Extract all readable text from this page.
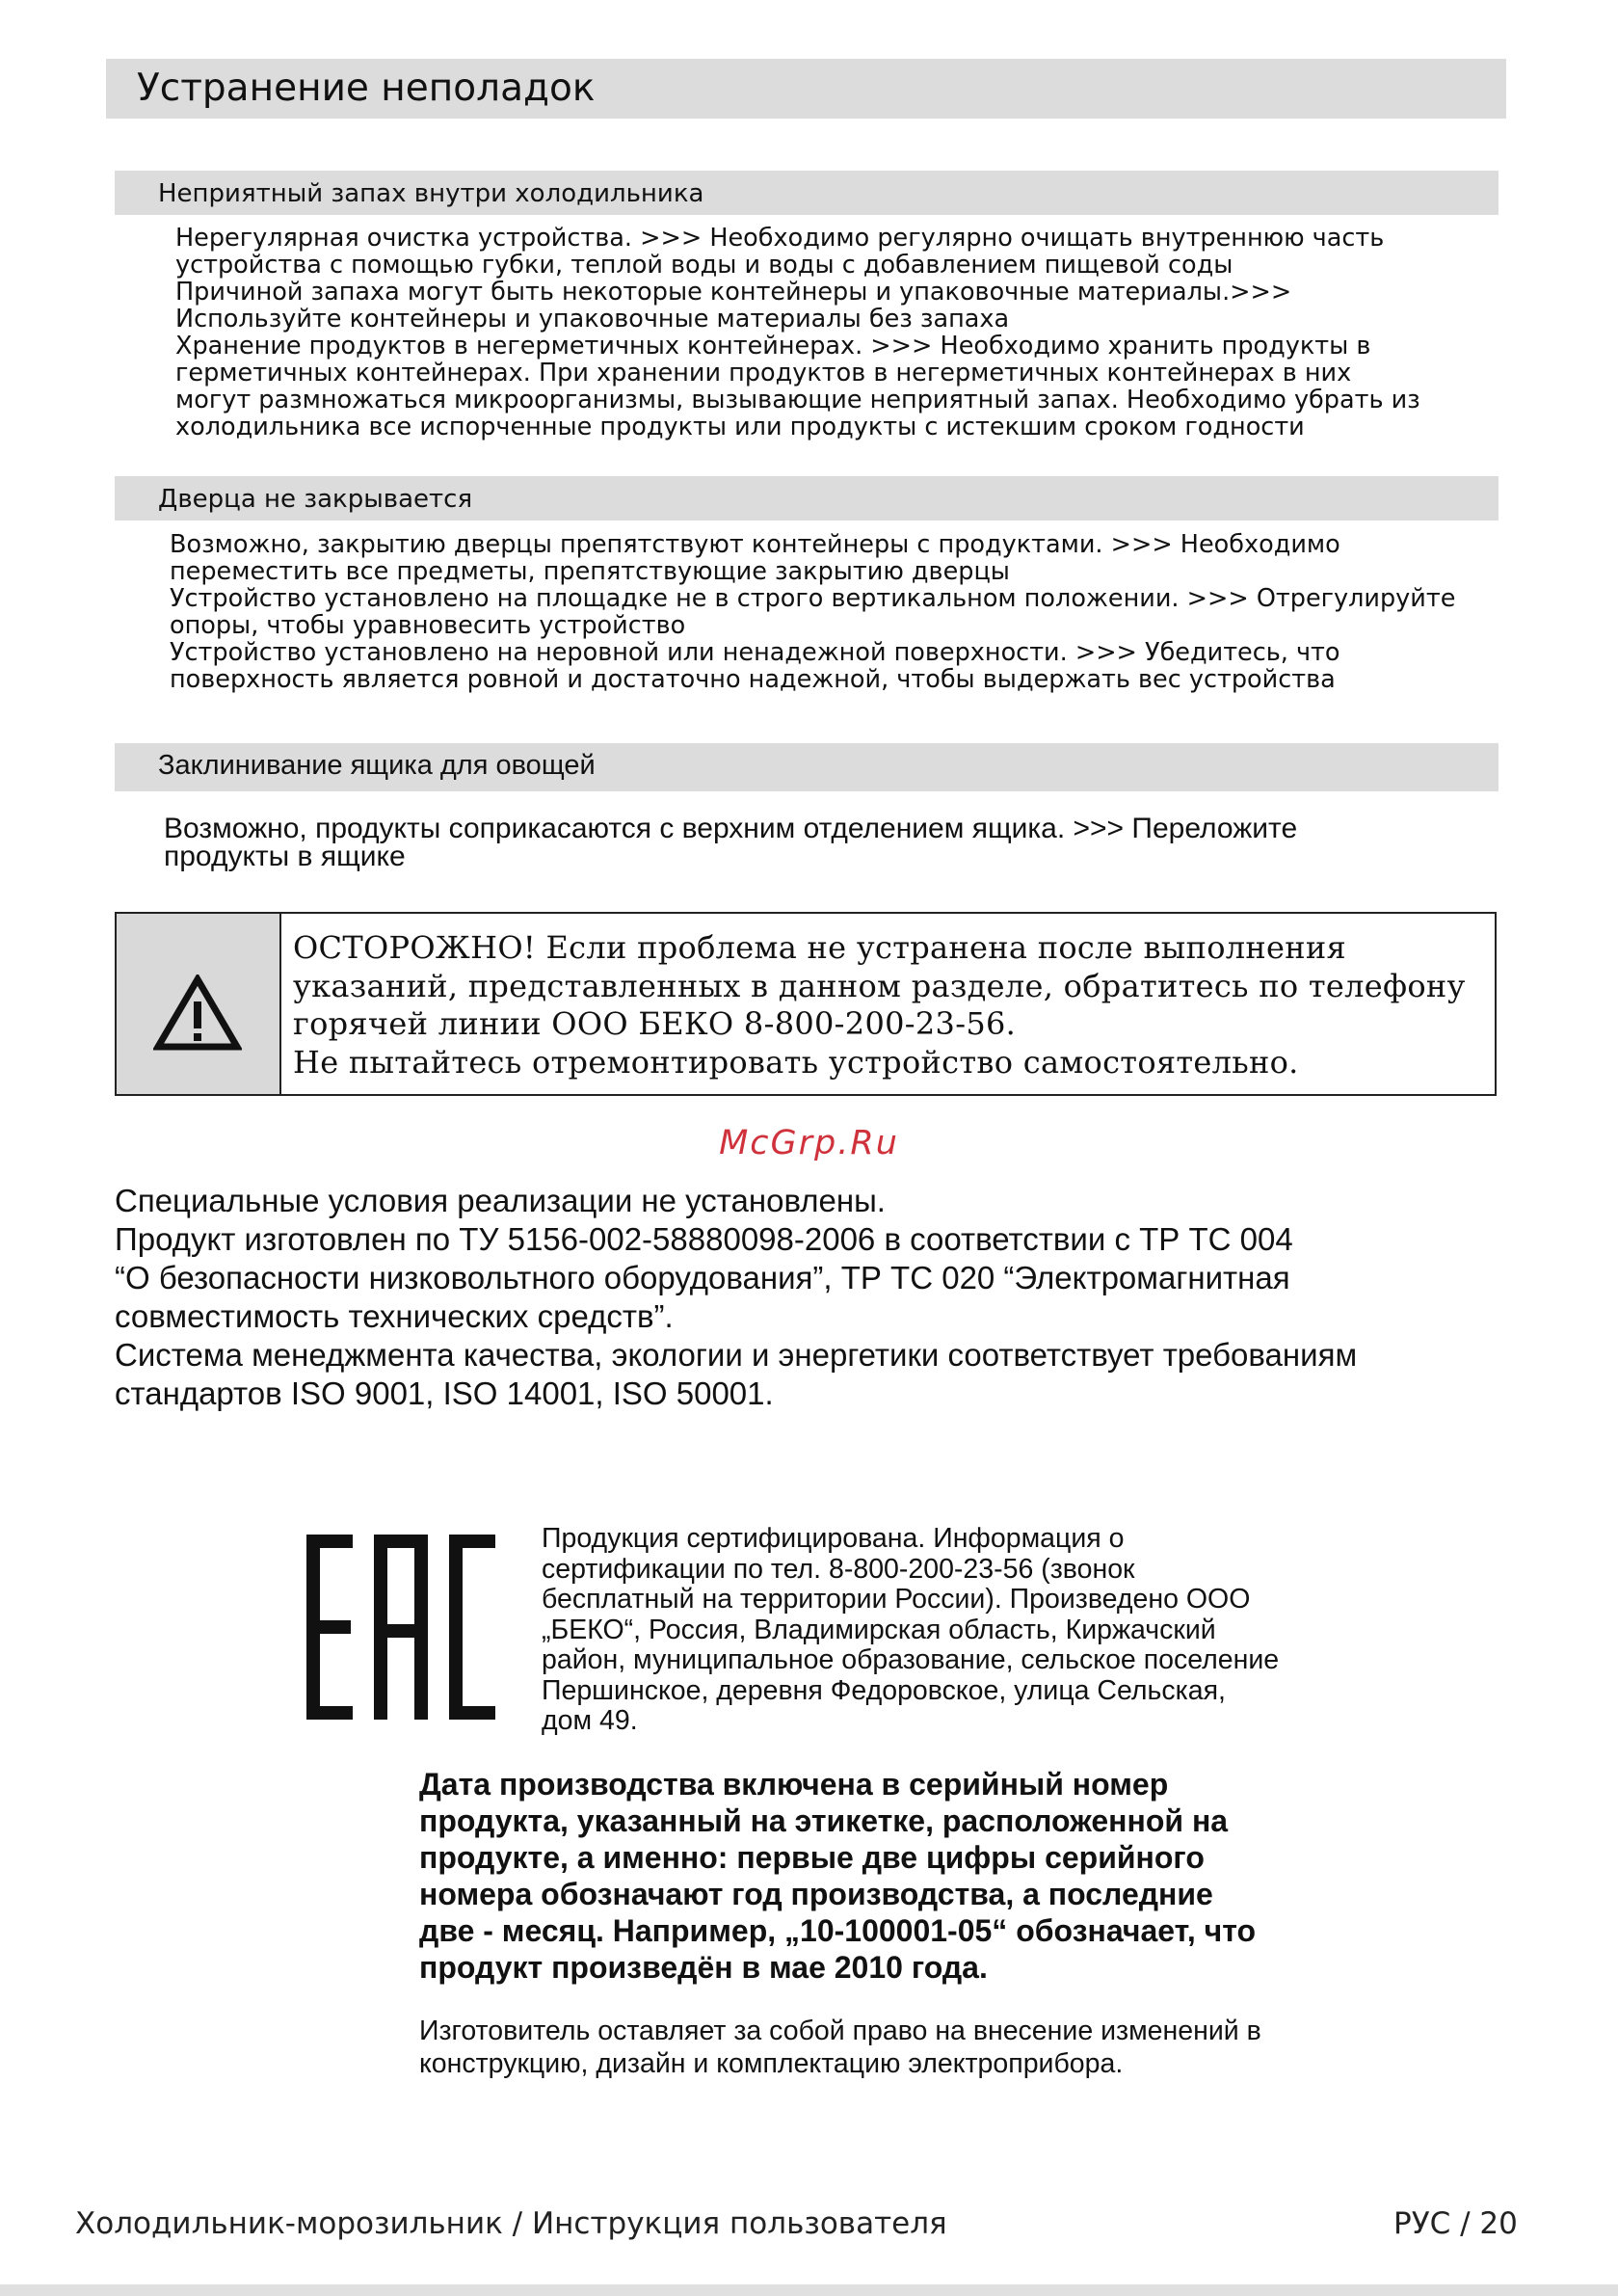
Устранение неполадок
Неприятный запах внутри холодильника

Нерегулярная очистка устройства. >>> Необходимо регулярно очищать внутреннюю часть

устройства с помощью губки, теплой воды и воды с добавлением пищевой соды

Причиной запаха могут быть некоторые контейнеры и упаковочные материалы.>>>

Используйте контейнеры и упаковочные материалы без запаха

Хранение продуктов в негерметичных контейнерах. >>> Необходимо хранить продукты в

герметичных контейнерах. При хранении продуктов в негерметичных контейнерах в них

могут размножаться микроорганизмы, вызывающие неприятный запах. Необходимо убрать из

холодильника все испорченные продукты или продукты с истекшим сроком годности

Дверца не закрывается

Возможно, закрытию дверцы препятствуют контейнеры с продуктами. >>> Необходимо

переместить все предметы, препятствующие закрытию дверцы

Устройство установлено на площадке не в строго вертикальном положении. >>> Отрегулируйте

опоры, чтобы уравновесить устройство

Устройство установлено на неровной или ненадежной поверхности. >>> Убедитесь, что

поверхность является ровной и достаточно надежной, чтобы выдержать вес устройства

Заклинивание ящика для овощей

Возможно, продукты соприкасаются с верхним отделением ящика. >>> Переложите

продукты в ящике

ОСТОРОЖНО! Если проблема не устранена после выполнения

указаний, представленных в данном разделе, обратитесь по телефону

горячей линии ООО БЕКО 8-800-200-23-56.

Не пытайтесь отремонтировать устройство самостоятельно.

McGrp.Ru

Специальные условия реализации не установлены.

Продукт изготовлен по ТУ 5156-002-58880098-2006 в соответствии с ТР ТС 004

“О безопасности низковольтного оборудования”, ТР ТС 020 “Электромагнитная

совместимость технических средств”.

Система менеджмента качества, экологии и энергетики соответствует требованиям

стандартов ISO 9001, ISO 14001, ISO 50001.

Продукция сертифицирована. Информация о

сертификации по тел. 8-800-200-23-56 (звонок

бесплатный на территории России). Произведено ООО

„БЕКО“, Россия, Владимирская область, Киржачский

район, муниципальное образование, сельское поселение

Першинское, деревня Федоровское, улица Сельская,

дом 49.

Дата производства включена в серийный номер

продукта, указанный на этикетке, расположенной на

продукте, а именно: первые две цифры серийного

номера обозначают год производства, а последние

две - месяц. Например, „10-100001-05“ обозначает, что

продукт произведён в мае 2010 года.

Изготовитель оставляет за собой право на внесение изменений в

конструкцию, дизайн и комплектацию электроприбора.

Холодильник-морозильник / Инструкция пользователя	РУС / 20
